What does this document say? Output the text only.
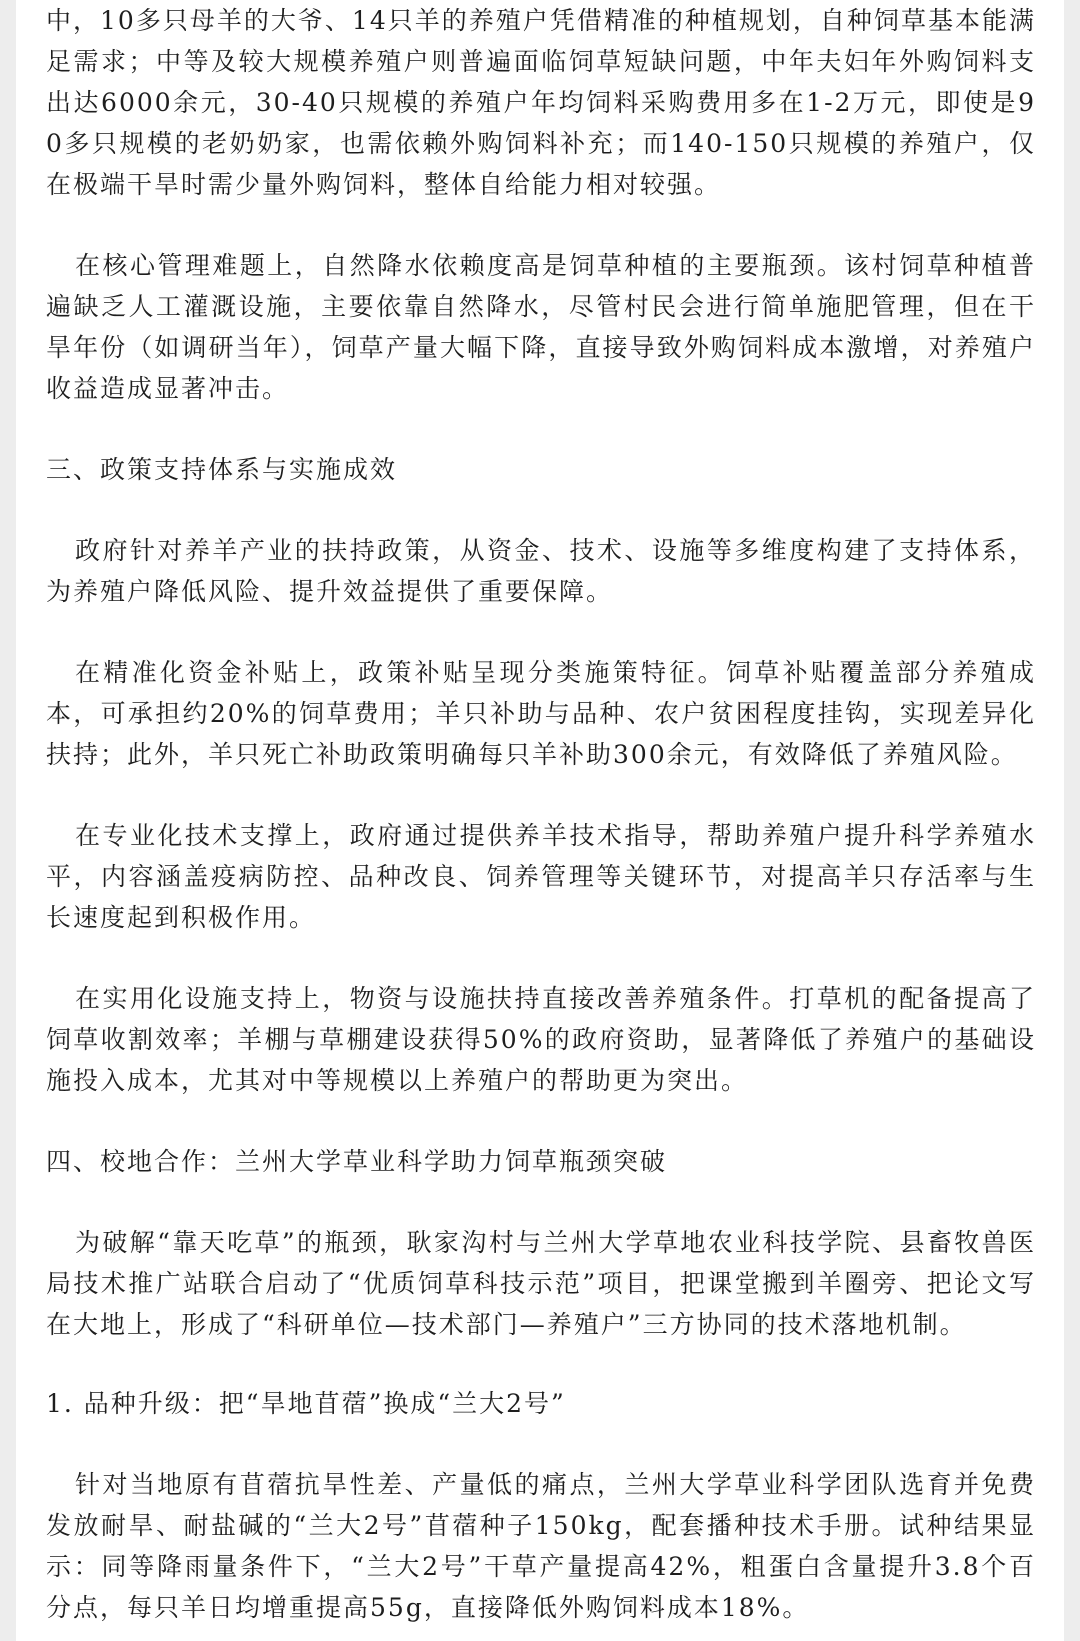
中，10多只母羊的大爷、14只羊的养殖户凭借精准的种植规划，自种饲草基本能满足需求；中等及较大规模养殖户则普遍面临饲草短缺问题，中年夫妇年外购饲料支出达6000余元，30-40只规模的养殖户年均饲料采购费用多在1-2万元，即使是90多只规模的老奶奶家，也需依赖外购饲料补充；而140-150只规模的养殖户，仅在极端干旱时需少量外购饲料，整体自给能力相对较强。

在核心管理难题上，自然降水依赖度高是饲草种植的主要瓶颈。该村饲草种植普遍缺乏人工灌溉设施，主要依靠自然降水，尽管村民会进行简单施肥管理，但在干旱年份（如调研当年），饲草产量大幅下降，直接导致外购饲料成本激增，对养殖户收益造成显著冲击。

三、政策支持体系与实施成效

政府针对养羊产业的扶持政策，从资金、技术、设施等多维度构建了支持体系，为养殖户降低风险、提升效益提供了重要保障。

在精准化资金补贴上，政策补贴呈现分类施策特征。饲草补贴覆盖部分养殖成本，可承担约20%的饲草费用；羊只补助与品种、农户贫困程度挂钩，实现差异化扶持；此外，羊只死亡补助政策明确每只羊补助300余元，有效降低了养殖风险。

在专业化技术支撑上，政府通过提供养羊技术指导，帮助养殖户提升科学养殖水平，内容涵盖疫病防控、品种改良、饲养管理等关键环节，对提高羊只存活率与生长速度起到积极作用。

在实用化设施支持上，物资与设施扶持直接改善养殖条件。打草机的配备提高了饲草收割效率；羊棚与草棚建设获得50%的政府资助，显著降低了养殖户的基础设施投入成本，尤其对中等规模以上养殖户的帮助更为突出。

四、校地合作：兰州大学草业科学助力饲草瓶颈突破

为破解“靠天吃草”的瓶颈，耿家沟村与兰州大学草地农业科技学院、县畜牧兽医局技术推广站联合启动了“优质饲草科技示范”项目，把课堂搬到羊圈旁、把论文写在大地上，形成了“科研单位—技术部门—养殖户”三方协同的技术落地机制。

1. 品种升级：把“旱地苜蓿”换成“兰大2号”

针对当地原有苜蓿抗旱性差、产量低的痛点，兰州大学草业科学团队选育并免费发放耐旱、耐盐碱的“兰大2号”苜蓿种子150kg，配套播种技术手册。试种结果显示：同等降雨量条件下，“兰大2号”干草产量提高42%，粗蛋白含量提升3.8个百分点，每只羊日均增重提高55g，直接降低外购饲料成本18%。
